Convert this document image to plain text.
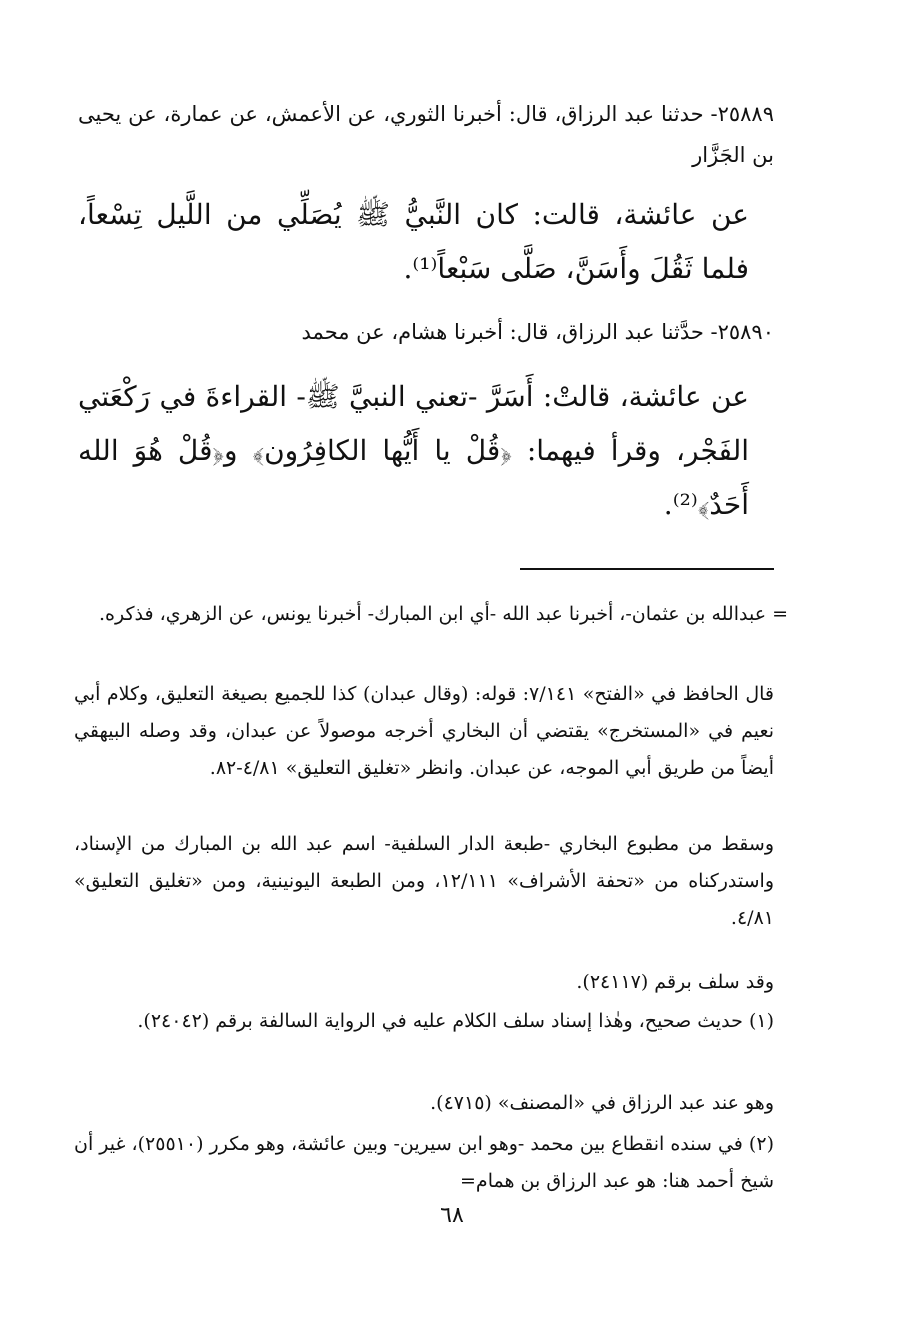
٢٥٨٨٩- حدثنا عبد الرزاق، قال: أخبرنا الثوري، عن الأعمش، عن عمارة، عن يحيى بن الجَزَّار

عن عائشة، قالت: كان النَّبيُّ ﷺ يُصَلِّي من اللَّيل تِسْعاً، فلما ثَقُلَ وأَسَنَّ، صَلَّى سَبْعاً⁽¹⁾.

٢٥٨٩٠- حدَّثنا عبد الرزاق، قال: أخبرنا هشام، عن محمد

عن عائشة، قالتْ: أَسَرَّ -تعني النبيَّ ﷺ- القراءةَ في رَكْعَتي الفَجْر، وقرأ فيهما: ﴿قُلْ يا أَيُّها الكافِرُون﴾ و﴿قُلْ هُوَ الله أَحَدٌ﴾⁽²⁾.

= عبدالله بن عثمان-، أخبرنا عبد الله -أي ابن المبارك- أخبرنا يونس، عن الزهري، فذكره.

قال الحافظ في «الفتح» ٧/١٤١: قوله: (وقال عبدان) كذا للجميع بصيغة التعليق، وكلام أبي نعيم في «المستخرج» يقتضي أن البخاري أخرجه موصولاً عن عبدان، وقد وصله البيهقي أيضاً من طريق أبي الموجه، عن عبدان. وانظر «تغليق التعليق» ٤/٨١-٨٢.

وسقط من مطبوع البخاري -طبعة الدار السلفية- اسم عبد الله بن المبارك من الإسناد، واستدركناه من «تحفة الأشراف» ١٢/١١١، ومن الطبعة اليونينية، ومن «تغليق التعليق» ٤/٨١.

وقد سلف برقم (٢٤١١٧).

(١) حديث صحيح، وهٰذا إسناد سلف الكلام عليه في الرواية السالفة برقم (٢٤٠٤٢).

وهو عند عبد الرزاق في «المصنف» (٤٧١٥).

(٢) في سنده انقطاع بين محمد -وهو ابن سيرين- وبين عائشة، وهو مكرر (٢٥٥١٠)، غير أن شيخ أحمد هنا: هو عبد الرزاق بن همام=

٦٨
